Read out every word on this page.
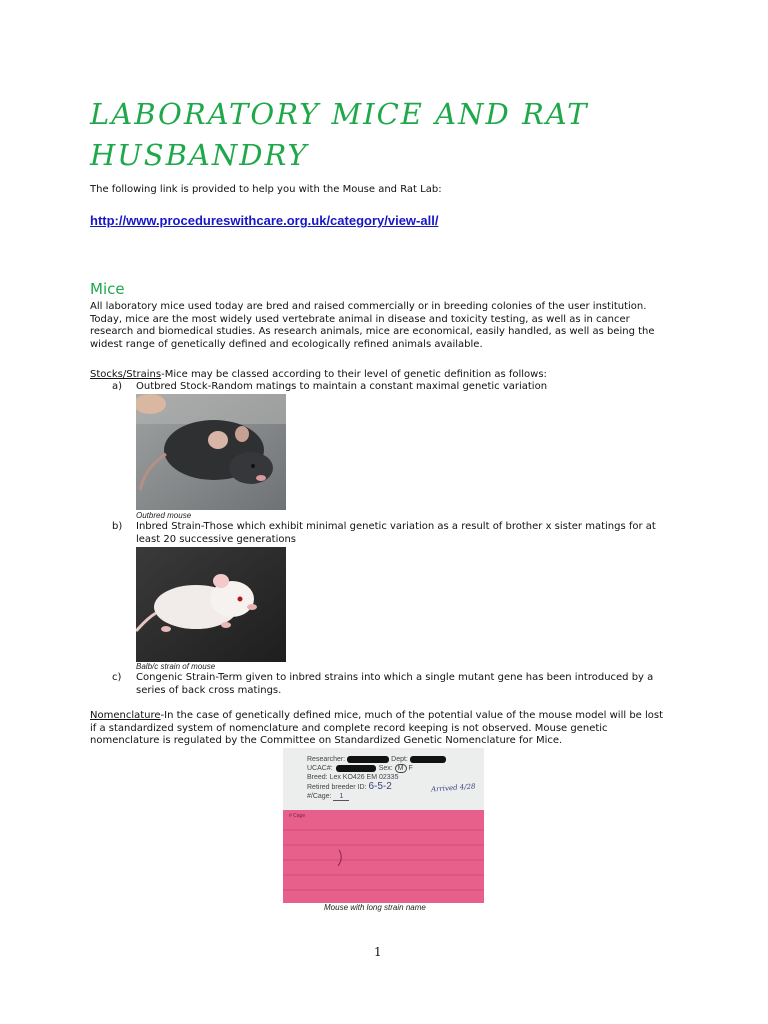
LABORATORY MICE AND RAT HUSBANDRY

The following link is provided to help you with the Mouse and Rat Lab:

http://www.procedureswithcare.org.uk/category/view-all/
Mice

All laboratory mice used today are bred and raised commercially or in breeding colonies of the user institution. Today, mice are the most widely used vertebrate animal in disease and toxicity testing, as well as in cancer research and biomedical studies. As research animals, mice are economical, easily handled, as well as being the widest range of genetically defined and ecologically refined animals available.

Stocks/Strains-Mice may be classed according to their level of genetic definition as follows:

a) Outbred Stock-Random matings to maintain a constant maximal genetic variation
Outbred mouse
b) Inbred Strain-Those which exhibit minimal genetic variation as a result of brother x sister matings for at least 20 successive generations
Balb/c strain of mouse
c) Congenic Strain-Term given to inbred strains into which a single mutant gene has been introduced by a series of back cross matings.

Nomenclature-In the case of genetically defined mice, much of the potential value of the mouse model will be lost if a standardized system of nomenclature and complete record keeping is not observed. Mouse genetic nomenclature is regulated by the Committee on Standardized Genetic Nomenclature for Mice.

Researcher:	Dept:
UCAC#:	Sex: M F
Breed: Lex KO426 EM 02335
Retired breeder ID: 6-5-2
#/Cage: 1
Arrived 4/28
# Cage
Mouse with long strain name
1
